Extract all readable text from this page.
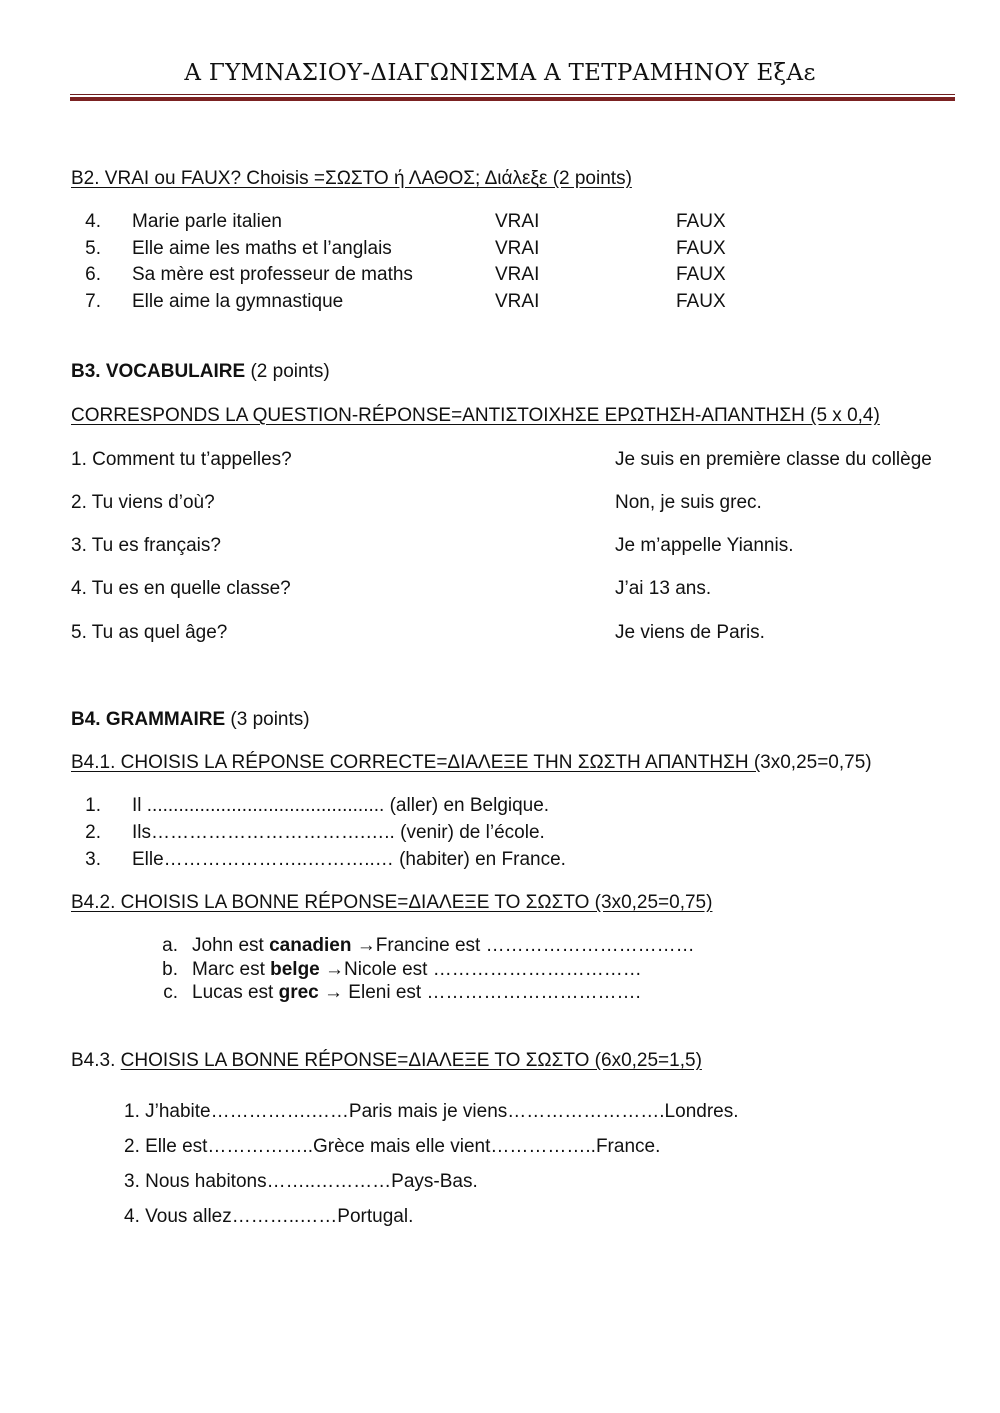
Α ΓΥΜΝΑΣΙΟΥ-ΔΙΑΓΩΝΙΣΜΑ Α ΤΕΤΡΑΜΗΝΟΥ ΕξΑε
B2. VRAI ou FAUX? Choisis =ΣΩΣΤΟ ή ΛΑΘΟΣ; Διάλεξε (2 points)
4. Marie parle italien	VRAI	FAUX
5. Elle aime les maths et l’anglais	VRAI	FAUX
6. Sa mère est professeur de maths	VRAI	FAUX
7. Elle aime la gymnastique	VRAI	FAUX
B3. VOCABULAIRE (2 points)
CORRESPONDS LA QUESTION-RÉPONSE=ΑΝΤΙΣΤΟΙΧΗΣΕ ΕΡΩΤΗΣΗ-ΑΠΑΝΤΗΣΗ (5 x 0,4)
1. Comment tu t’appelles?	Je suis en première classe du collège
2. Tu viens d’où?	Non, je suis grec.
3. Tu es français?	Je m’appelle Yiannis.
4. Tu es en quelle classe?	J’ai 13 ans.
5. Tu as quel âge?	Je viens de Paris.
B4. GRAMMAIRE (3 points)
B4.1. CHOISIS LA RÉPONSE CORRECTE=ΔΙΑΛΕΞΕ ΤΗΝ ΣΩΣΤΗ ΑΠΑΝΤΗΣΗ (3x0,25=0,75)
1. Il ............................................. (aller) en Belgique.
2. Ils…………………………….….. (venir) de l’école.
3. Elle…………………..………..… (habiter) en France.
B4.2. CHOISIS LA BONNE RÉPONSE=ΔΙΑΛΕΞΕ ΤΟ ΣΩΣΤΟ (3x0,25=0,75)
a. John est canadien →Francine est ……………………………
b. Marc est belge →Nicole est ……………………………
c. Lucas est grec → Eleni est …………………………….
B4.3. CHOISIS LA BONNE RÉPONSE=ΔΙΑΛΕΞΕ ΤΟ ΣΩΣΤΟ (6x0,25=1,5)
1. J’habite…………….……Paris mais je viens…………………….Londres.
2. Elle est……………..Grèce mais elle vient……………..France.
3. Nous habitons……..…………Pays-Bas.
4. Vous allez………..……Portugal.
